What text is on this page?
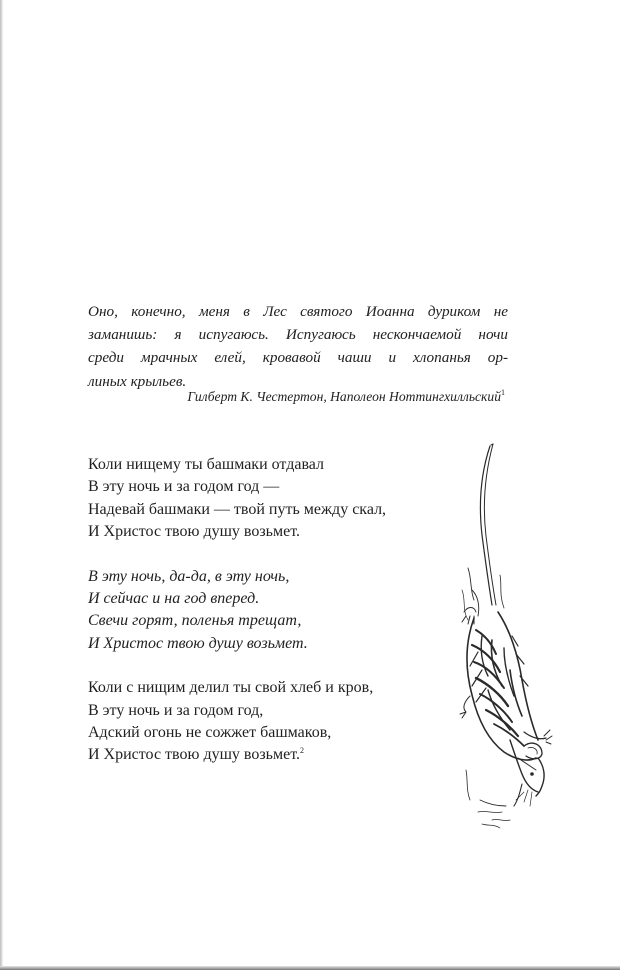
Оно, конечно, меня в Лес святого Иоанна дуриком не
заманишь: я испугаюсь. Испугаюсь нескончаемой ночи
среди мрачных елей, кровавой чаши и хлопанья ор-
линых крыльев.
Гилберт К. Честертон, Наполеон Ноттингхилльский$^1$
Коли нищему ты башмаки отдавал
В эту ночь и за годом год —
Надевай башмаки — твой путь между скал,
И Христос твою душу возьмет.
В эту ночь, да-да, в эту ночь,
И сейчас и на год вперед.
Свечи горят, поленья трещат,
И Христос твою душу возьмет.
Коли с нищим делил ты свой хлеб и кров,
В эту ночь и за годом год,
Адский огонь не сожжет башмаков,
И Христос твою душу возьмет.$^2$
